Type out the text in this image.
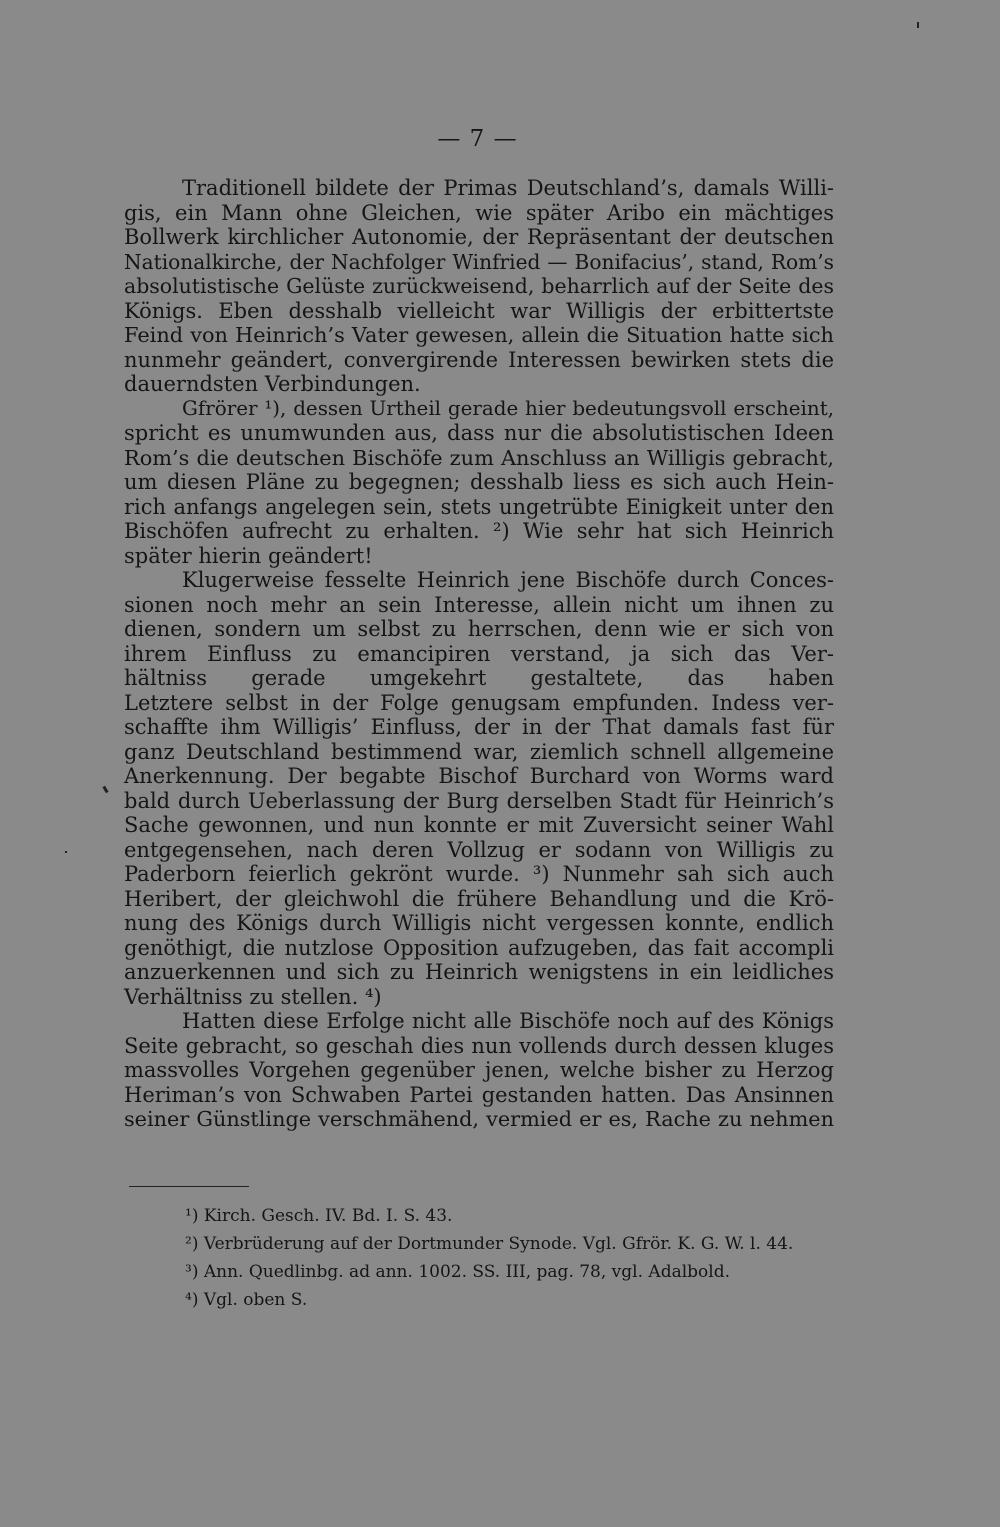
— 7 —
Traditionell bildete der Primas Deutschland’s, damals Willi-
gis, ein Mann ohne Gleichen, wie später Aribo ein mächtiges
Bollwerk kirchlicher Autonomie, der Repräsentant der deutschen
Nationalkirche, der Nachfolger Winfried — Bonifacius’, stand, Rom’s
absolutistische Gelüste zurückweisend, beharrlich auf der Seite des
Königs. Eben desshalb vielleicht war Willigis der erbittertste
Feind von Heinrich’s Vater gewesen, allein die Situation hatte sich
nunmehr geändert, convergirende Interessen bewirken stets die
dauerndsten Verbindungen.
Gfrörer ¹), dessen Urtheil gerade hier bedeutungsvoll erscheint,
spricht es unumwunden aus, dass nur die absolutistischen Ideen
Rom’s die deutschen Bischöfe zum Anschluss an Willigis gebracht,
um diesen Pläne zu begegnen; desshalb liess es sich auch Hein-
rich anfangs angelegen sein, stets ungetrübte Einigkeit unter den
Bischöfen aufrecht zu erhalten. ²) Wie sehr hat sich Heinrich
später hierin geändert!
Klugerweise fesselte Heinrich jene Bischöfe durch Conces-
sionen noch mehr an sein Interesse, allein nicht um ihnen zu
dienen, sondern um selbst zu herrschen, denn wie er sich von
ihrem Einfluss zu emancipiren verstand, ja sich das Ver-
hältniss gerade umgekehrt gestaltete, das haben
Letztere selbst in der Folge genugsam empfunden. Indess ver-
schaffte ihm Willigis’ Einfluss, der in der That damals fast für
ganz Deutschland bestimmend war, ziemlich schnell allgemeine
Anerkennung. Der begabte Bischof Burchard von Worms ward
bald durch Ueberlassung der Burg derselben Stadt für Heinrich’s
Sache gewonnen, und nun konnte er mit Zuversicht seiner Wahl
entgegensehen, nach deren Vollzug er sodann von Willigis zu
Paderborn feierlich gekrönt wurde. ³) Nunmehr sah sich auch
Heribert, der gleichwohl die frühere Behandlung und die Krö-
nung des Königs durch Willigis nicht vergessen konnte, endlich
genöthigt, die nutzlose Opposition aufzugeben, das fait accompli
anzuerkennen und sich zu Heinrich wenigstens in ein leidliches
Verhältniss zu stellen. ⁴)
Hatten diese Erfolge nicht alle Bischöfe noch auf des Königs
Seite gebracht, so geschah dies nun vollends durch dessen kluges
massvolles Vorgehen gegenüber jenen, welche bisher zu Herzog
Heriman’s von Schwaben Partei gestanden hatten. Das Ansinnen
seiner Günstlinge verschmähend, vermied er es, Rache zu nehmen
¹) Kirch. Gesch. IV. Bd. I. S. 43.
²) Verbrüderung auf der Dortmunder Synode. Vgl. Gfrör. K. G. W. l. 44.
³) Ann. Quedlinbg. ad ann. 1002. SS. III, pag. 78, vgl. Adalbold.
⁴) Vgl. oben S.
